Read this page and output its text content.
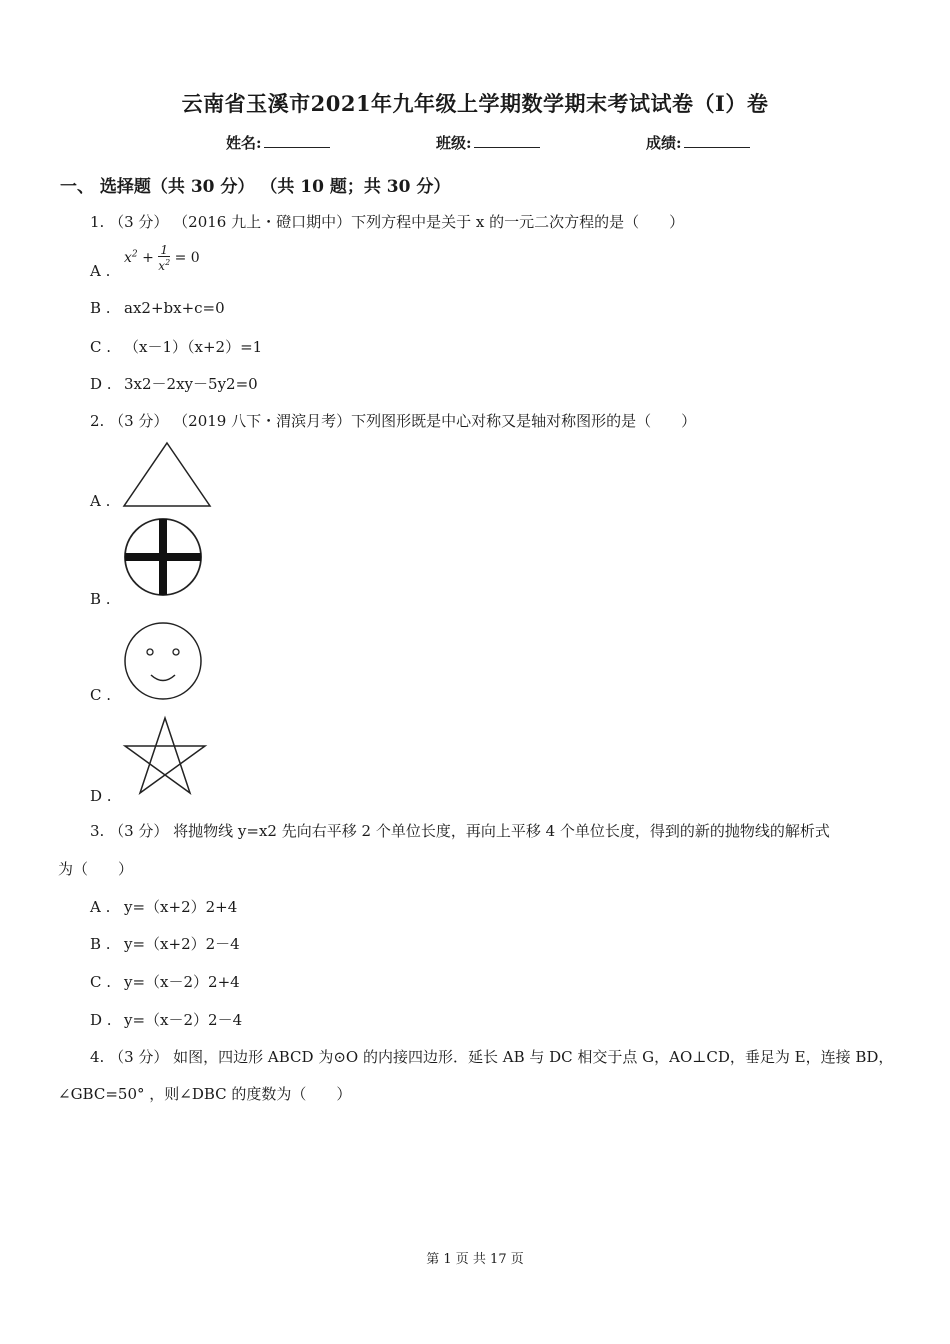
云南省玉溪市2021年九年级上学期数学期末考试试卷（I）卷
姓名:	班级:	成绩:
一、 选择题（共 30 分） （共 10 题；共 30 分）
1. （3 分） （2016 九上・磴口期中）下列方程中是关于 x 的一元二次方程的是（　　）
A .
$x^2 + \frac{1}{x^2} = 0$
B . ax2+bx+c=0
C . （x－1）（x+2）=1
D . 3x2－2xy－5y2=0
2. （3 分） （2019 八下・渭滨月考）下列图形既是中心对称又是轴对称图形的是（　　）
A .
B .
C .
D .
3. （3 分） 将抛物线 y=x2 先向右平移 2 个单位长度，再向上平移 4 个单位长度，得到的新的抛物线的解析式
为（　　）
A . y=（x+2）2+4
B . y=（x+2）2－4
C . y=（x－2）2+4
D . y=（x－2）2－4
4. （3 分） 如图，四边形 ABCD 为⊙O 的内接四边形．延长 AB 与 DC 相交于点 G，AO⊥CD，垂足为 E，连接 BD，
∠GBC=50° ，则∠DBC 的度数为（　　）
第 1 页 共 17 页
